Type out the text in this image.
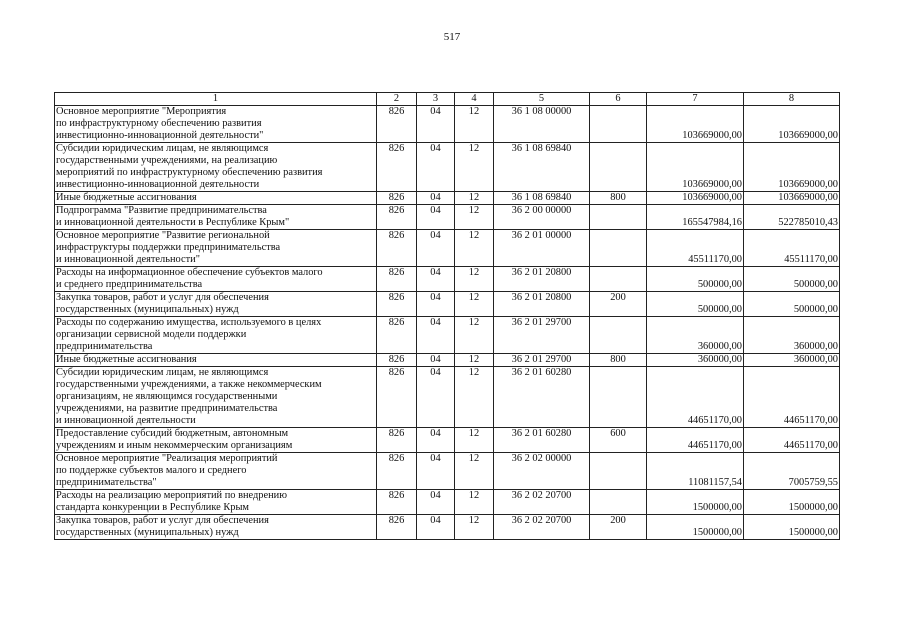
517
1	2	3	4	5	6	7	8
Основное мероприятие "Мероприятия
по инфраструктурному обеспечению развития
инвестиционно-инновационной деятельности"	826	04	12	36 1 08 00000		103669000,00	103669000,00
Субсидии юридическим лицам, не являющимся
государственными учреждениями, на реализацию
мероприятий по инфраструктурному обеспечению развития
инвестиционно-инновационной деятельности	826	04	12	36 1 08 69840		103669000,00	103669000,00
Иные бюджетные ассигнования	826	04	12	36 1 08 69840	800	103669000,00	103669000,00
Подпрограмма "Развитие предпринимательства
и инновационной деятельности в Республике Крым"	826	04	12	36 2 00 00000		165547984,16	522785010,43
Основное мероприятие "Развитие региональной
инфраструктуры поддержки предпринимательства
и инновационной деятельности"	826	04	12	36 2 01 00000		45511170,00	45511170,00
Расходы на информационное обеспечение субъектов малого
и среднего предпринимательства	826	04	12	36 2 01 20800		500000,00	500000,00
Закупка товаров, работ и услуг для обеспечения
государственных (муниципальных) нужд	826	04	12	36 2 01 20800	200	500000,00	500000,00
Расходы по содержанию имущества, используемого в целях
организации сервисной модели поддержки
предпринимательства	826	04	12	36 2 01 29700		360000,00	360000,00
Иные бюджетные ассигнования	826	04	12	36 2 01 29700	800	360000,00	360000,00
Субсидии юридическим лицам, не являющимся
государственными учреждениями, а также некоммерческим
организациям, не являющимся государственными
учреждениями, на развитие предпринимательства
и инновационной деятельности	826	04	12	36 2 01 60280		44651170,00	44651170,00
Предоставление субсидий бюджетным, автономным
учреждениям и иным некоммерческим организациям	826	04	12	36 2 01 60280	600	44651170,00	44651170,00
Основное мероприятие "Реализация мероприятий
по поддержке субъектов малого и среднего
предпринимательства"	826	04	12	36 2 02 00000		11081157,54	7005759,55
Расходы на реализацию мероприятий по внедрению
стандарта конкуренции в Республике Крым	826	04	12	36 2 02 20700		1500000,00	1500000,00
Закупка товаров, работ и услуг для обеспечения
государственных (муниципальных) нужд	826	04	12	36 2 02 20700	200	1500000,00	1500000,00
